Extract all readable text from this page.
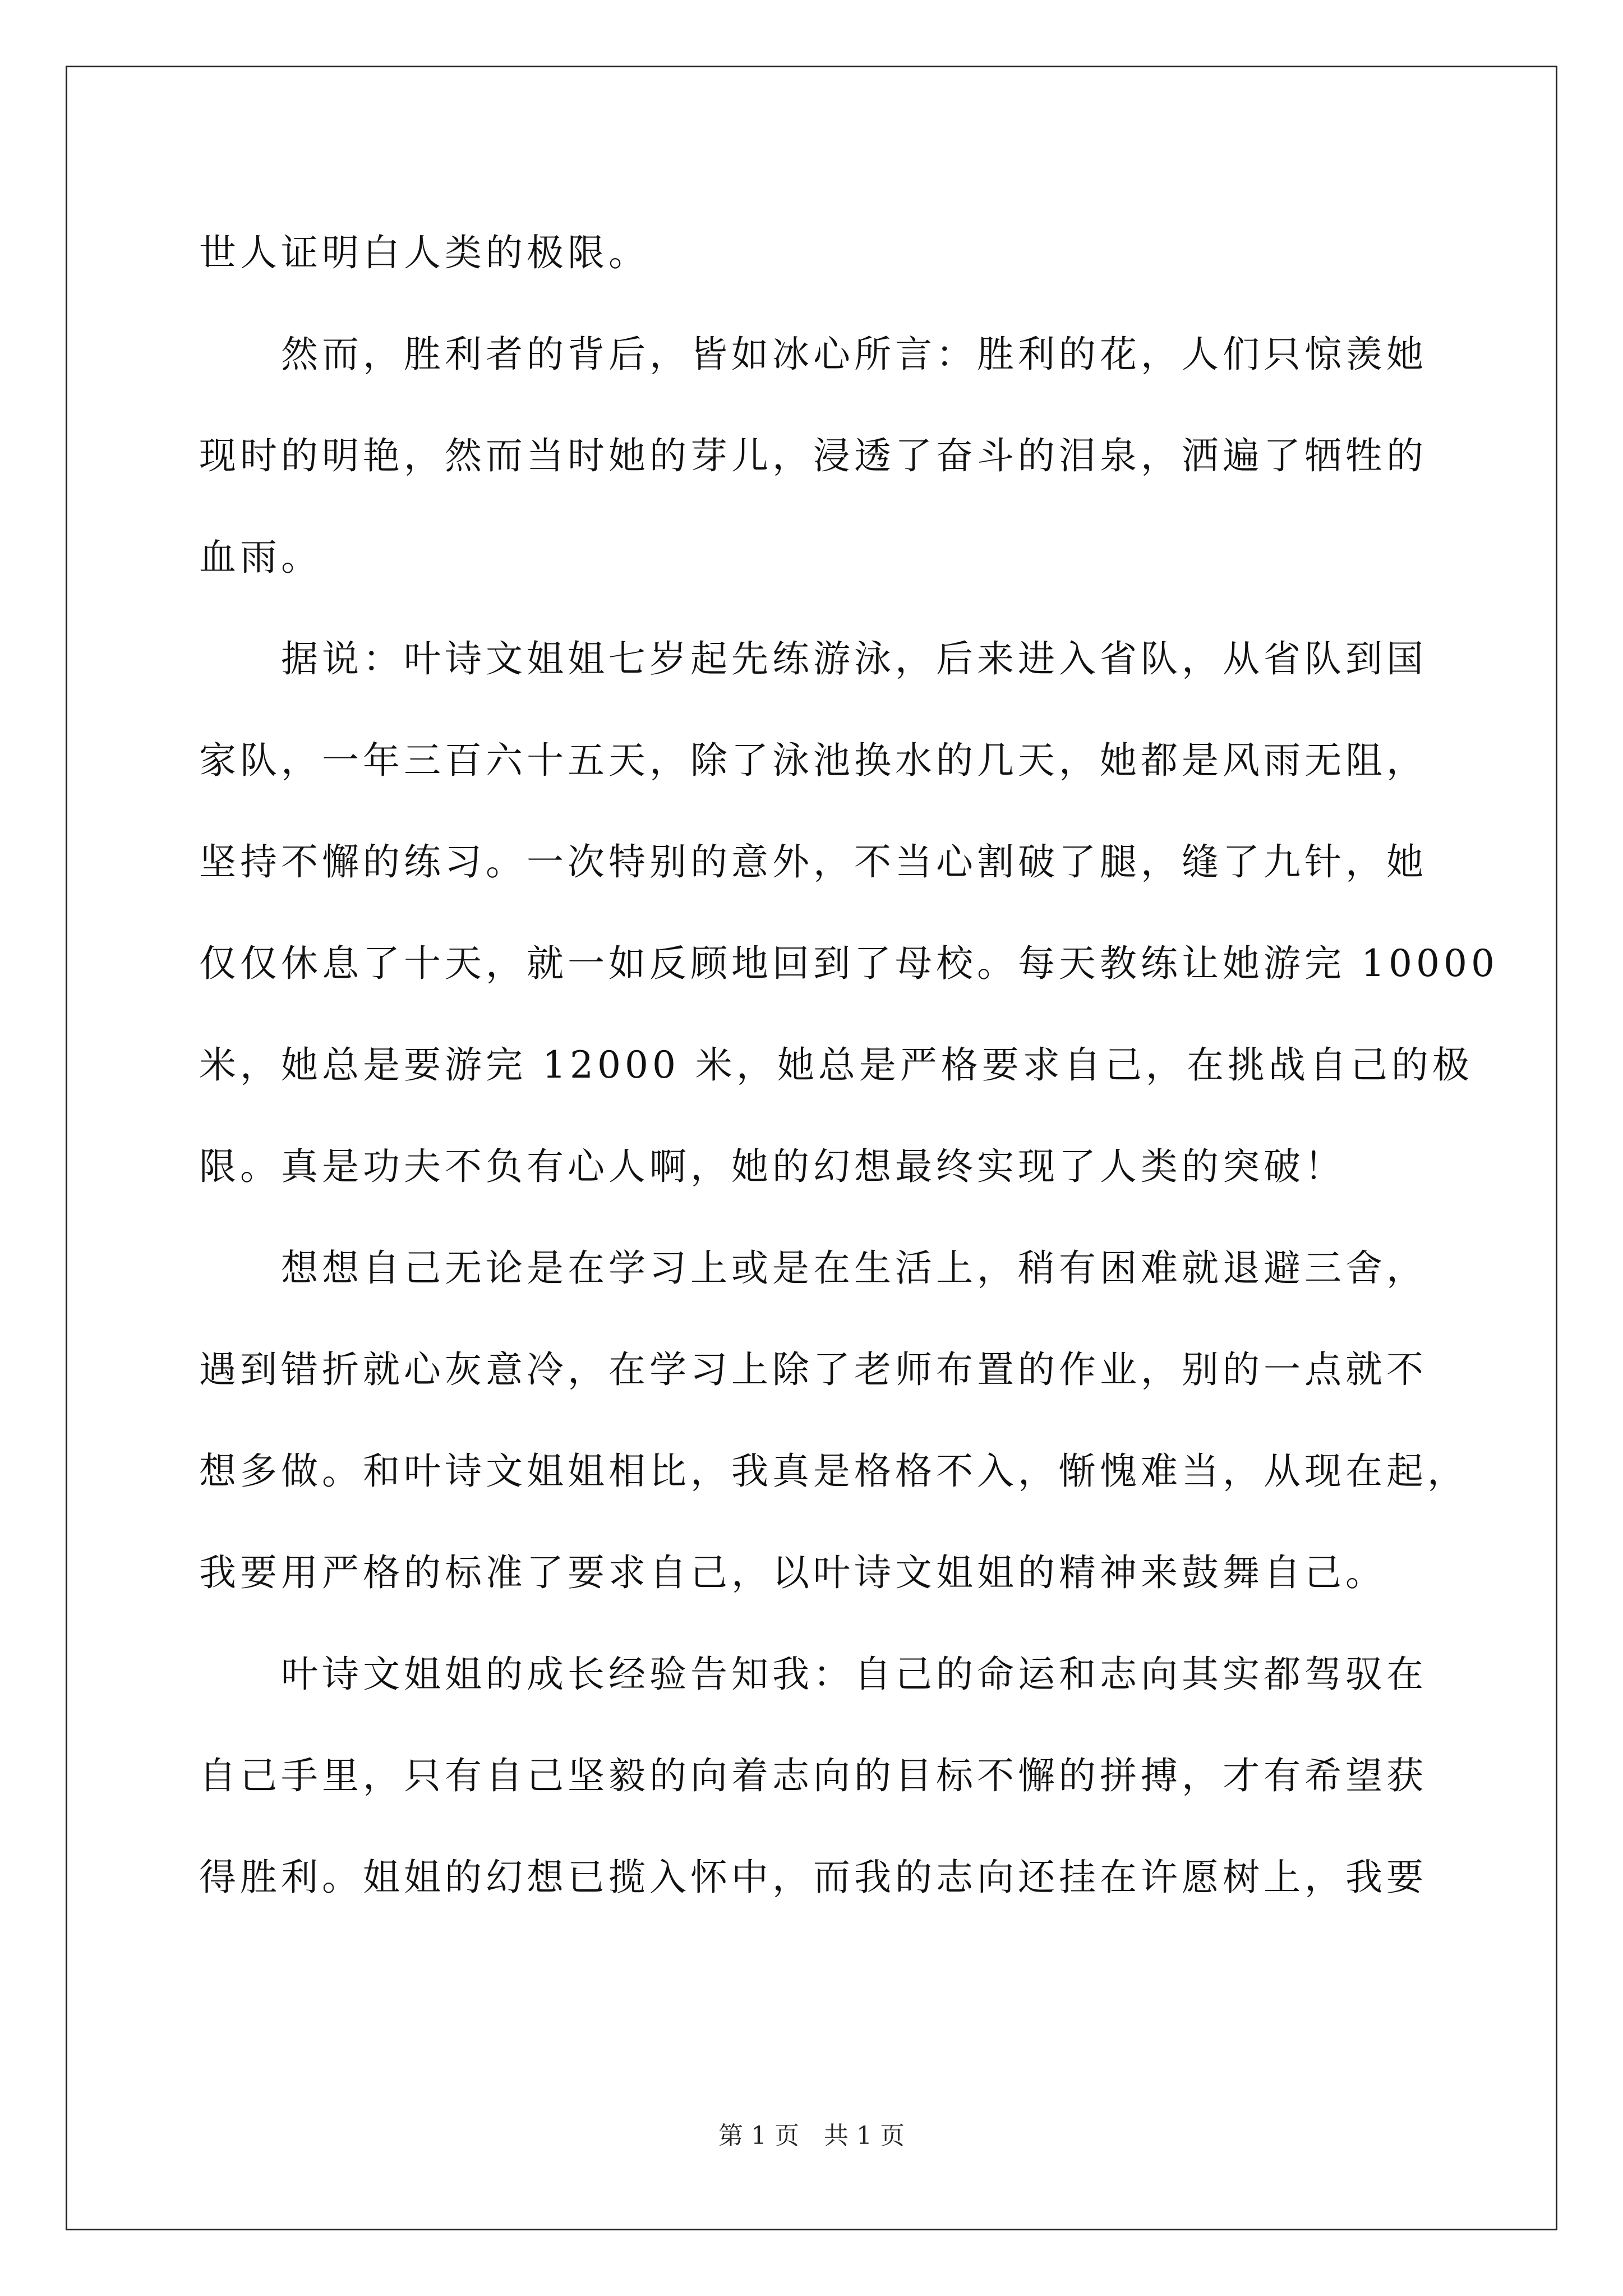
世人证明白人类的极限。
然而，胜利者的背后，皆如冰心所言：胜利的花，人们只惊羡她
现时的明艳，然而当时她的芽儿，浸透了奋斗的泪泉，洒遍了牺牲的
血雨。
据说：叶诗文姐姐七岁起先练游泳，后来进入省队，从省队到国
家队，一年三百六十五天，除了泳池换水的几天，她都是风雨无阻，
坚持不懈的练习。一次特别的意外，不当心割破了腿，缝了九针，她
仅仅休息了十天，就一如反顾地回到了母校。每天教练让她游完 10000
米，她总是要游完 12000 米，她总是严格要求自己，在挑战自己的极
限。真是功夫不负有心人啊，她的幻想最终实现了人类的突破！
想想自己无论是在学习上或是在生活上，稍有困难就退避三舍，
遇到错折就心灰意冷，在学习上除了老师布置的作业，别的一点就不
想多做。和叶诗文姐姐相比，我真是格格不入，惭愧难当，从现在起，
我要用严格的标准了要求自己，以叶诗文姐姐的精神来鼓舞自己。
叶诗文姐姐的成长经验告知我：自己的命运和志向其实都驾驭在
自己手里，只有自己坚毅的向着志向的目标不懈的拼搏，才有希望获
得胜利。姐姐的幻想已揽入怀中，而我的志向还挂在许愿树上，我要
第 1 页　共 1 页
